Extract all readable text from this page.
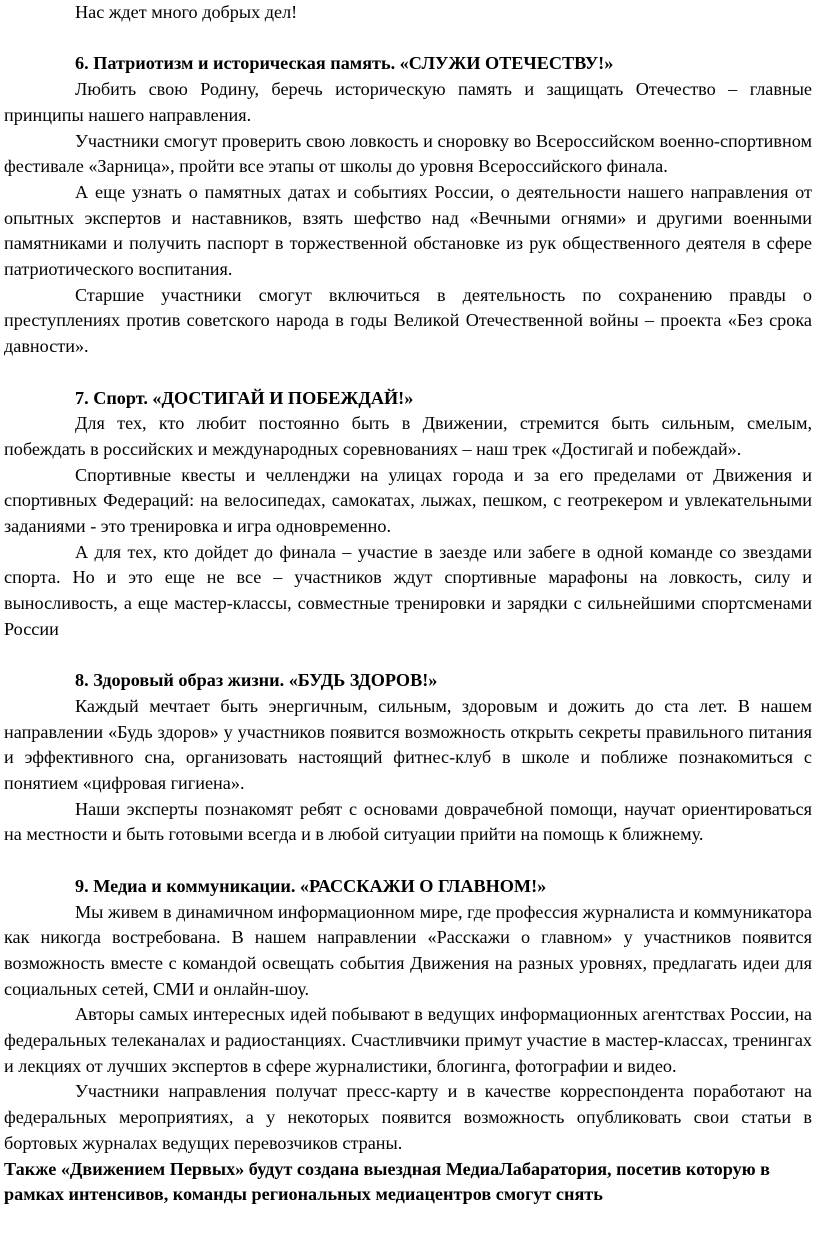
Нас ждет много добрых дел!

6. Патриотизм и историческая память. «СЛУЖИ ОТЕЧЕСТВУ!»

Любить свою Родину, беречь историческую память и защищать Отечество – главные принципы нашего направления.

Участники смогут проверить свою ловкость и сноровку во Всероссийском военно-спортивном фестивале «Зарница», пройти все этапы от школы до уровня Всероссийского финала.

А еще узнать о памятных датах и событиях России, о деятельности нашего направления от опытных экспертов и наставников, взять шефство над «Вечными огнями» и другими военными памятниками и получить паспорт в торжественной обстановке из рук общественного деятеля в сфере патриотического воспитания.

Старшие участники смогут включиться в деятельность по сохранению правды о преступлениях против советского народа в годы Великой Отечественной войны – проекта «Без срока давности».

7. Спорт. «ДОСТИГАЙ И ПОБЕЖДАЙ!»

Для тех, кто любит постоянно быть в Движении, стремится быть сильным, смелым, побеждать в российских и международных соревнованиях – наш трек «Достигай и побеждай».

Спортивные квесты и челленджи на улицах города и за его пределами от Движения и спортивных Федераций: на велосипедах, самокатах, лыжах, пешком, с геотрекером и увлекательными заданиями - это тренировка и игра одновременно.

А для тех, кто дойдет до финала – участие в заезде или забеге в одной команде со звездами спорта. Но и это еще не все – участников ждут спортивные марафоны на ловкость, силу и выносливость, а еще мастер-классы, совместные тренировки и зарядки с сильнейшими спортсменами России

8. Здоровый образ жизни. «БУДЬ ЗДОРОВ!»

Каждый мечтает быть энергичным, сильным, здоровым и дожить до ста лет. В нашем направлении «Будь здоров» у участников появится возможность открыть секреты правильного питания и эффективного сна, организовать настоящий фитнес-клуб в школе и поближе познакомиться с понятием «цифровая гигиена».

Наши эксперты познакомят ребят с основами доврачебной помощи, научат ориентироваться на местности и быть готовыми всегда и в любой ситуации прийти на помощь к ближнему.

9. Медиа и коммуникации. «РАССКАЖИ О ГЛАВНОМ!»

Мы живем в динамичном информационном мире, где профессия журналиста и коммуникатора как никогда востребована. В нашем направлении «Расскажи о главном» у участников появится возможность вместе с командой освещать события Движения на разных уровнях, предлагать идеи для социальных сетей, СМИ и онлайн-шоу.

Авторы самых интересных идей побывают в ведущих информационных агентствах России, на федеральных телеканалах и радиостанциях. Счастливчики примут участие в мастер-классах, тренингах и лекциях от лучших экспертов в сфере журналистики, блогинга, фотографии и видео.

Участники направления получат пресс-карту и в качестве корреспондента поработают на федеральных мероприятиях, а у некоторых появится возможность опубликовать свои статьи в бортовых журналах ведущих перевозчиков страны.

Также «Движением Первых» будут создана выездная МедиаЛабаратория, посетив которую в рамках интенсивов, команды региональных медиацентров смогут снять
